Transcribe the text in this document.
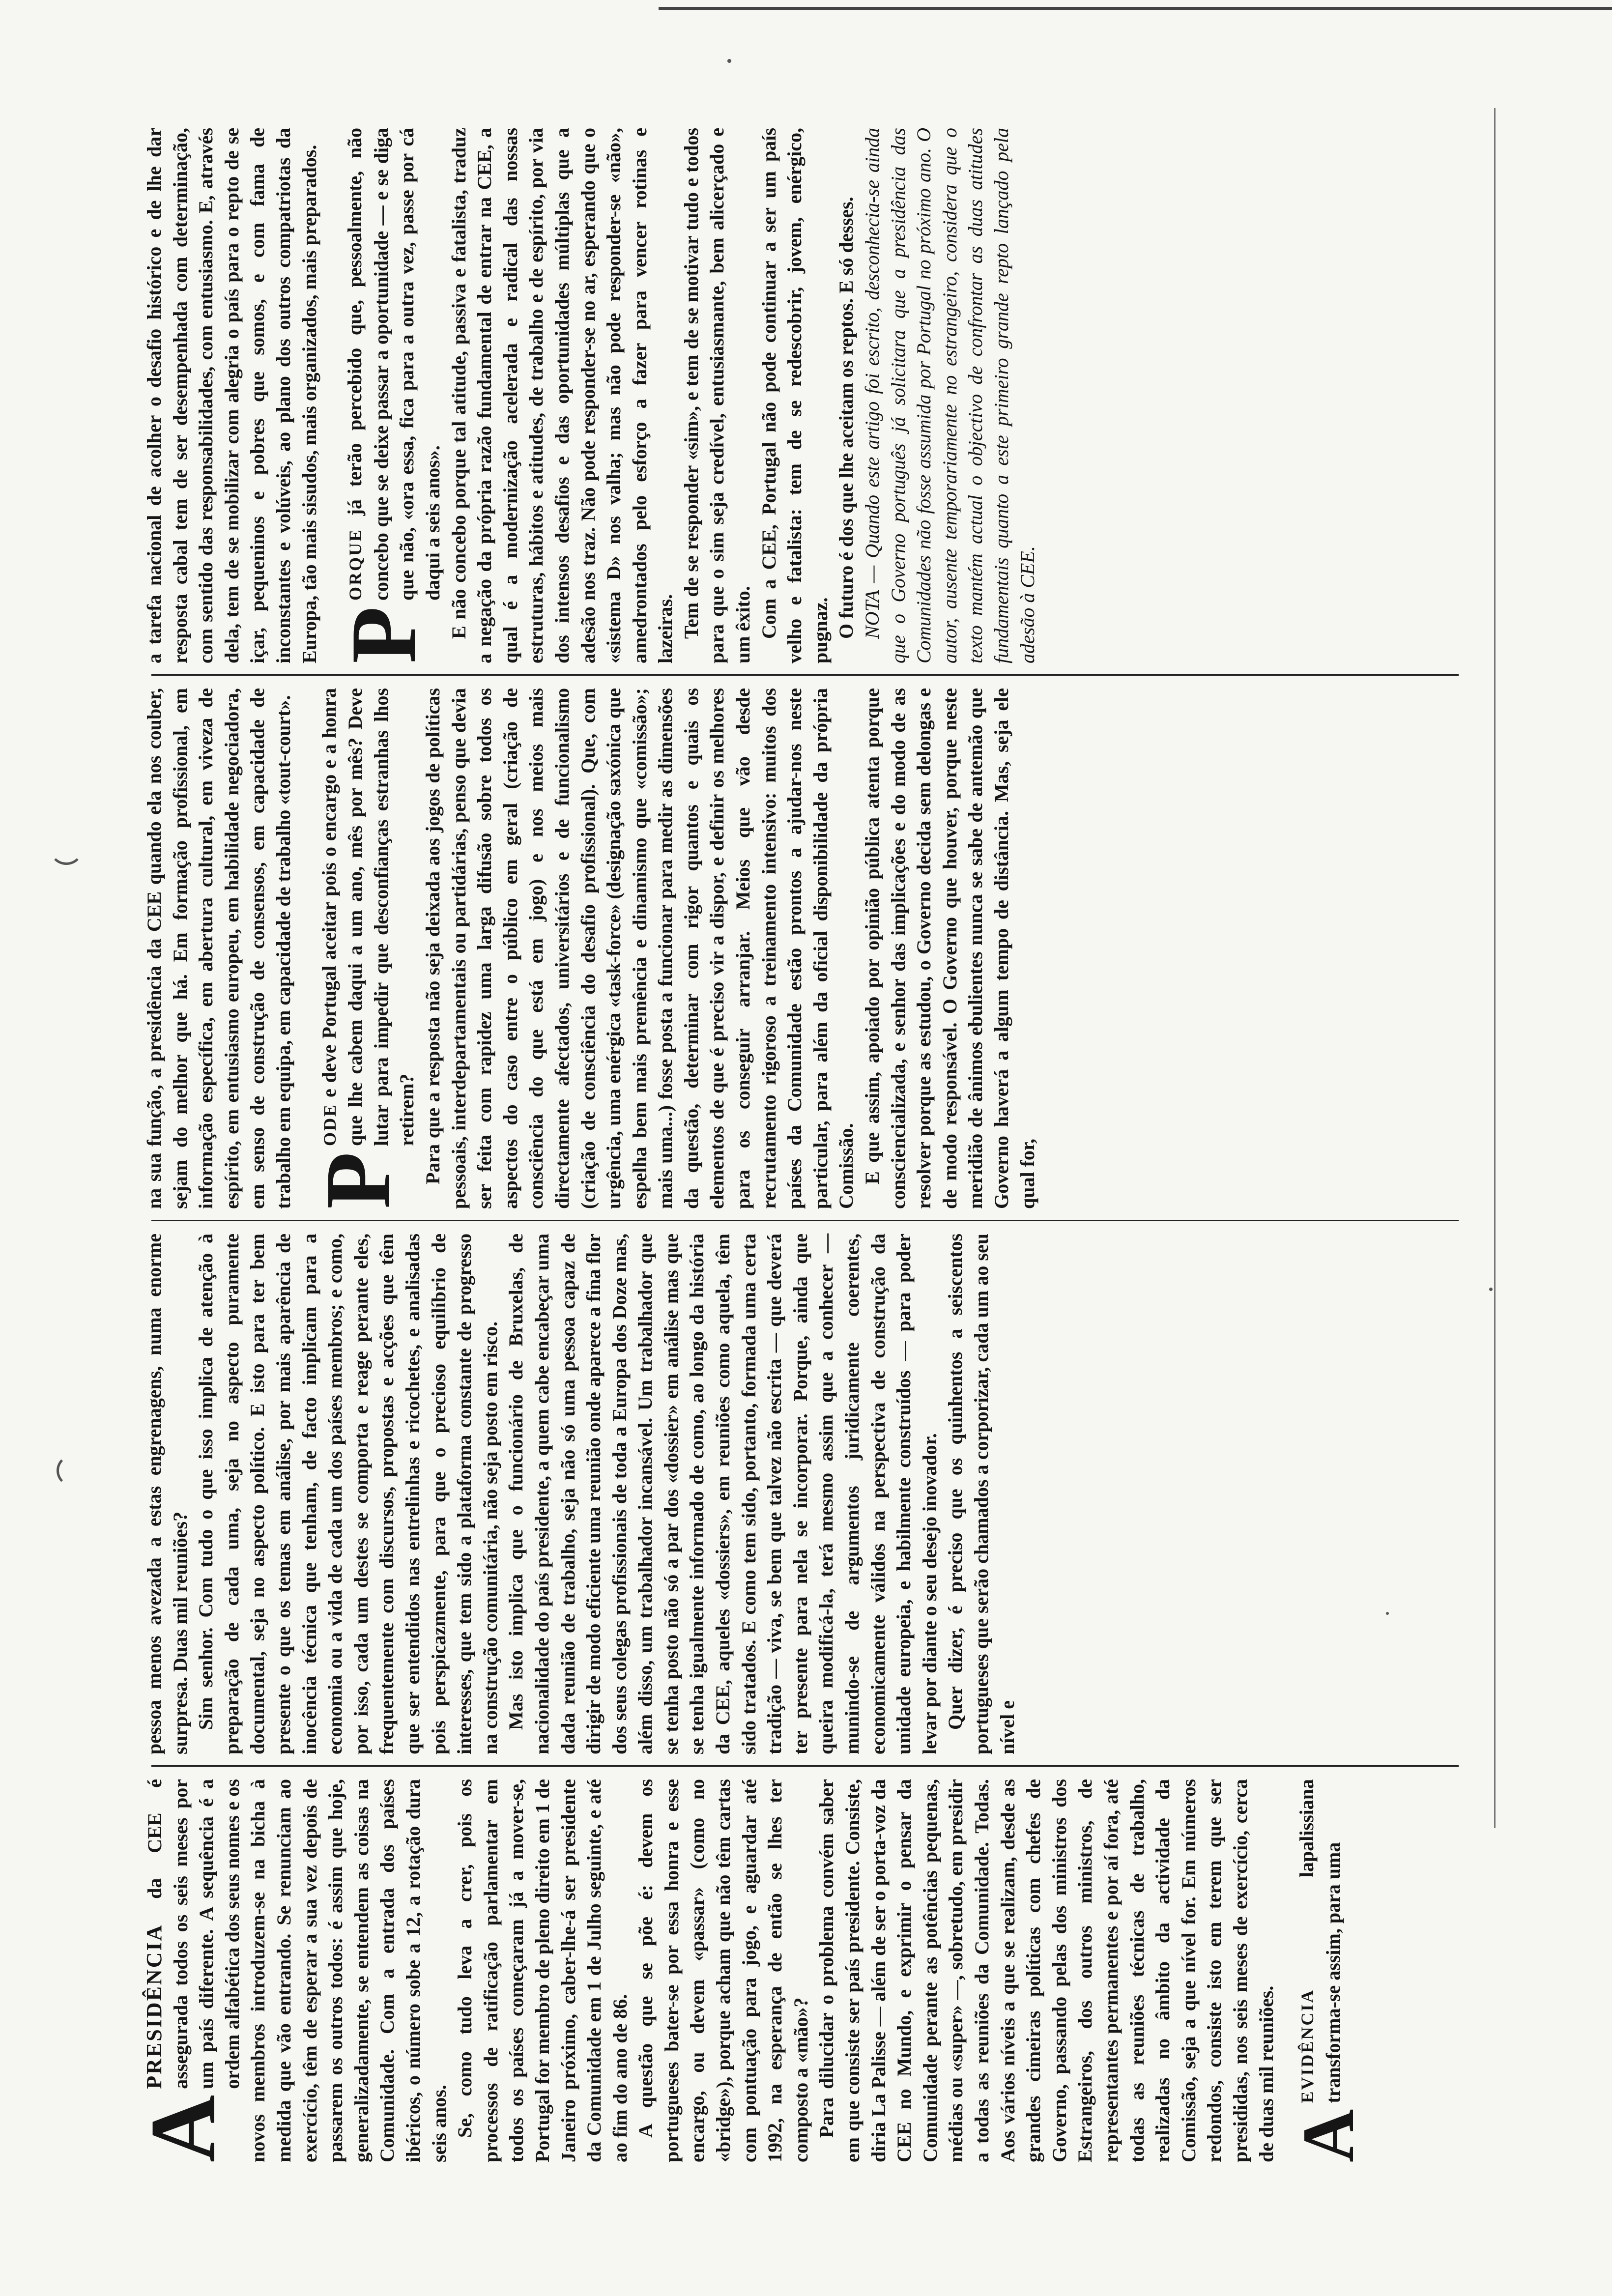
A
PRESIDÊNCIA da CEE é assegurada todos os seis meses por um país diferente. A sequência é a ordem alfabética dos seus nomes e os novos membros introduzem-se na bicha à medida que vão entrando. Se renunciam ao exercício, têm de esperar a sua vez depois de passarem os outros todos: é assim que hoje, generalizadamente, se entendem as coisas na Comunidade. Com a entrada dos países ibéricos, o número sobe a 12, a rotação dura seis anos. Se, como tudo leva a crer, pois os processos de ratificação parlamentar em todos os países começaram já a mover-se, Portugal for membro de pleno direito em 1 de Janeiro próximo, caber-lhe-á ser presidente da Comunidade em 1 de Julho seguinte, e até ao fim do ano de 86. A questão que se põe é: devem os portugueses bater-se por essa honra e esse encargo, ou devem «passar» (como no «bridge»), porque acham que não têm cartas com pontuação para jogo, e aguardar até 1992, na esperança de então se lhes ter composto a «mão»? Para dilucidar o problema convém saber em que consiste ser país presidente. Consiste, diria La Palisse — além de ser o porta-voz da CEE no Mundo, e exprimir o pensar da Comunidade perante as potências pequenas, médias ou «super» —, sobretudo, em presidir a todas as reuniões da Comunidade. Todas. Aos vários níveis a que se realizam, desde as grandes cimeiras políticas com chefes de Governo, passando pelas dos ministros dos Estrangeiros, dos outros ministros, de representantes permanentes e por aí fora, até todas as reuniões técnicas de trabalho, realizadas no âmbito da actividade da Comissão, seja a que nível for. Em números redondos, consiste isto em terem que ser presididas, nos seis meses de exercício, cerca de duas mil reuniões. A
EVIDÊNCIA lapalissiana transforma-se assim, para uma

pessoa menos avezada a estas engrenagens, numa enorme surpresa. Duas mil reuniões? Sim senhor. Com tudo o que isso implica de atenção à preparação de cada uma, seja no aspecto puramente documental, seja no aspecto político. E isto para ter bem presente o que os temas em análise, por mais aparência de inocência técnica que tenham, de facto implicam para a economia ou a vida de cada um dos países membros; e como, por isso, cada um destes se comporta e reage perante eles, frequentemente com discursos, propostas e acções que têm que ser entendidos nas entrelinhas e ricochetes, e analisadas pois perspicazmente, para que o precioso equilíbrio de interesses, que tem sido a plataforma constante de progresso na construção comunitária, não seja posto em risco. Mas isto implica que o funcionário de Bruxelas, de nacionalidade do país presidente, a quem cabe encabeçar uma dada reunião de trabalho, seja não só uma pessoa capaz de dirigir de modo eficiente uma reunião onde aparece a fina flor dos seus colegas profissionais de toda a Europa dos Doze mas, além disso, um trabalhador incansável. Um trabalhador que se tenha posto não só a par dos «dossier» em análise mas que se tenha igualmente informado de como, ao longo da história da CEE, aqueles «dossiers», em reuniões como aquela, têm sido tratados. E como tem sido, portanto, formada uma certa tradição — viva, se bem que talvez não escrita — que deverá ter presente para nela se incorporar. Porque, ainda que queira modificá-la, terá mesmo assim que a conhecer — munindo-se de argumentos juridicamente coerentes, economicamente válidos na perspectiva de construção da unidade europeia, e habilmente construídos — para poder levar por diante o seu desejo inovador. Quer dizer, é preciso que os quinhentos a seiscentos portugueses que serão chamados a corporizar, cada um ao seu nível e

na sua função, a presidência da CEE quando ela nos couber, sejam do melhor que há. Em formação profissional, em informação específica, em abertura cultural, em viveza de espírito, em entusiasmo europeu, em habilidade negociadora, em senso de construção de consensos, em capacidade de trabalho em equipa, em capacidade de trabalho «tout-court». P
ODE e deve Portugal aceitar pois o encargo e a honra que lhe cabem daqui a um ano, mês por mês? Deve lutar para impedir que desconfianças estranhas lhos retirem? Para que a resposta não seja deixada aos jogos de políticas pessoais, interdepartamentais ou partidárias, penso que devia ser feita com rapidez uma larga difusão sobre todos os aspectos do caso entre o público em geral (criação de consciência do que está em jogo) e nos meios mais directamente afectados, universitários e de funcionalismo (criação de consciência do desafio profissional). Que, com urgência, uma enérgica «task-force» (designação saxónica que espelha bem mais premência e dinamismo que «comissão»; mais uma...) fosse posta a funcionar para medir as dimensões da questão, determinar com rigor quantos e quais os elementos de que é preciso vir a dispor, e definir os melhores para os conseguir arranjar. Meios que vão desde recrutamento rigoroso a treinamento intensivo: muitos dos países da Comunidade estão prontos a ajudar-nos neste particular, para além da oficial disponibilidade da própria Comissão. E que assim, apoiado por opinião pública atenta porque consciencializada, e senhor das implicações e do modo de as resolver porque as estudou, o Governo decida sem delongas e de modo responsável. O Governo que houver, porque neste meridião de ânimos ebulientes nunca se sabe de antemão que Governo haverá a algum tempo de distância. Mas, seja ele qual for,

a tarefa nacional de acolher o desafio histórico e de lhe dar resposta cabal tem de ser desempenhada com determinação, com sentido das responsabilidades, com entusiasmo. E, através dela, tem de se mobilizar com alegria o país para o repto de se içar, pequeninos e pobres que somos, e com fama de inconstantes e volúveis, ao plano dos outros compatriotas da Europa, tão mais sisudos, mais organizados, mais preparados. P
ORQUE já terão percebido que, pessoalmente, não concebo que se deixe passar a oportunidade — e se diga que não, «ora essa, fica para a outra vez, passe por cá daqui a seis anos». E não concebo porque tal atitude, passiva e fatalista, traduz a negação da própria razão fundamental de entrar na CEE, a qual é a modernização acelerada e radical das nossas estruturas, hábitos e atitudes, de trabalho e de espírito, por via dos intensos desafios e das oportunidades múltiplas que a adesão nos traz. Não pode responder-se no ar, esperando que o «sistema D» nos valha; mas não pode responder-se «não», amedrontados pelo esforço a fazer para vencer rotinas e lazeiras. Tem de se responder «sim», e tem de se motivar tudo e todos para que o sim seja credível, entusiasmante, bem alicerçado e um êxito. Com a CEE, Portugal não pode continuar a ser um país velho e fatalista: tem de se redescobrir, jovem, enérgico, pugnaz. O futuro é dos que lhe aceitam os reptos. E só desses. NOTA — Quando este artigo foi escrito, desconhecia-se ainda que o Governo português já solicitara que a presidência das Comunidades não fosse assumida por Portugal no próximo ano. O autor, ausente temporariamente no estrangeiro, considera que o texto mantém actual o objectivo de confrontar as duas atitudes fundamentais quanto a este primeiro grande repto lançado pela adesão à CEE.
